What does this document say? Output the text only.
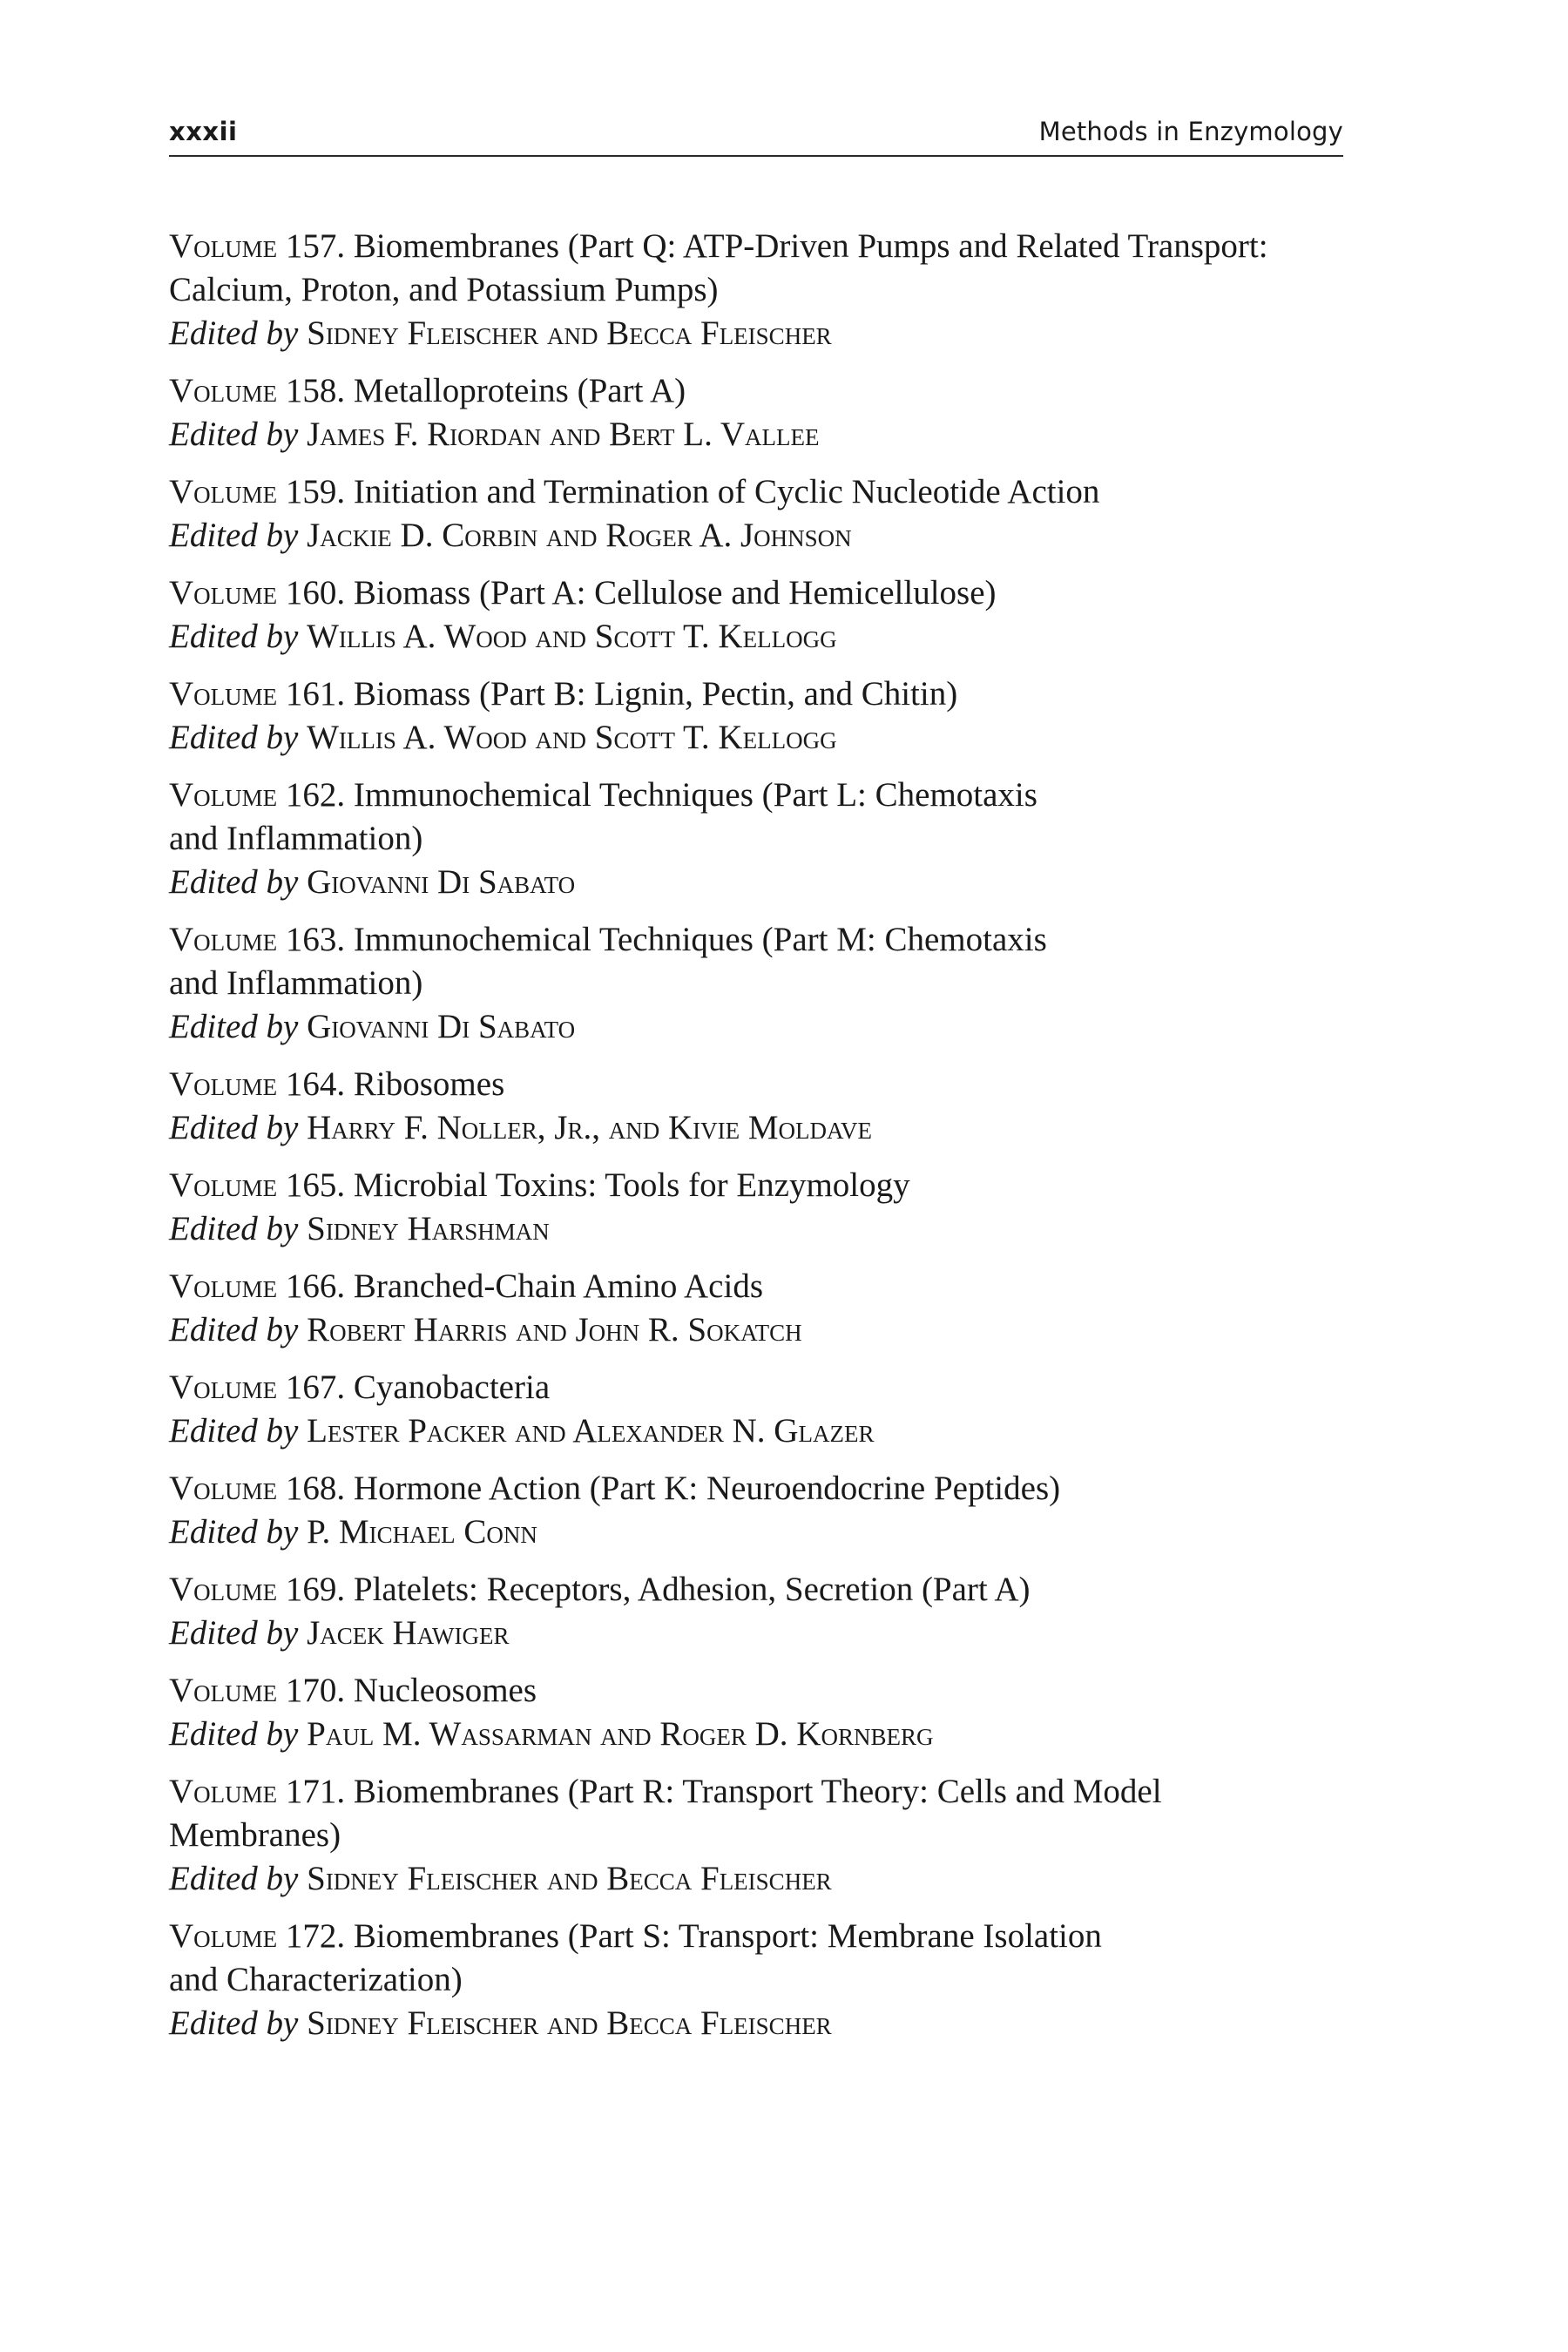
xxxii	Methods in Enzymology
Volume 157. Biomembranes (Part Q: ATP-Driven Pumps and Related Transport:
Calcium, Proton, and Potassium Pumps)
Edited by Sidney Fleischer and Becca Fleischer
Volume 158. Metalloproteins (Part A)
Edited by James F. Riordan and Bert L. Vallee
Volume 159. Initiation and Termination of Cyclic Nucleotide Action
Edited by Jackie D. Corbin and Roger A. Johnson
Volume 160. Biomass (Part A: Cellulose and Hemicellulose)
Edited by Willis A. Wood and Scott T. Kellogg
Volume 161. Biomass (Part B: Lignin, Pectin, and Chitin)
Edited by Willis A. Wood and Scott T. Kellogg
Volume 162. Immunochemical Techniques (Part L: Chemotaxis
and Inflammation)
Edited by Giovanni Di Sabato
Volume 163. Immunochemical Techniques (Part M: Chemotaxis
and Inflammation)
Edited by Giovanni Di Sabato
Volume 164. Ribosomes
Edited by Harry F. Noller, Jr., and Kivie Moldave
Volume 165. Microbial Toxins: Tools for Enzymology
Edited by Sidney Harshman
Volume 166. Branched-Chain Amino Acids
Edited by Robert Harris and John R. Sokatch
Volume 167. Cyanobacteria
Edited by Lester Packer and Alexander N. Glazer
Volume 168. Hormone Action (Part K: Neuroendocrine Peptides)
Edited by P. Michael Conn
Volume 169. Platelets: Receptors, Adhesion, Secretion (Part A)
Edited by Jacek Hawiger
Volume 170. Nucleosomes
Edited by Paul M. Wassarman and Roger D. Kornberg
Volume 171. Biomembranes (Part R: Transport Theory: Cells and Model
Membranes)
Edited by Sidney Fleischer and Becca Fleischer
Volume 172. Biomembranes (Part S: Transport: Membrane Isolation
and Characterization)
Edited by Sidney Fleischer and Becca Fleischer
